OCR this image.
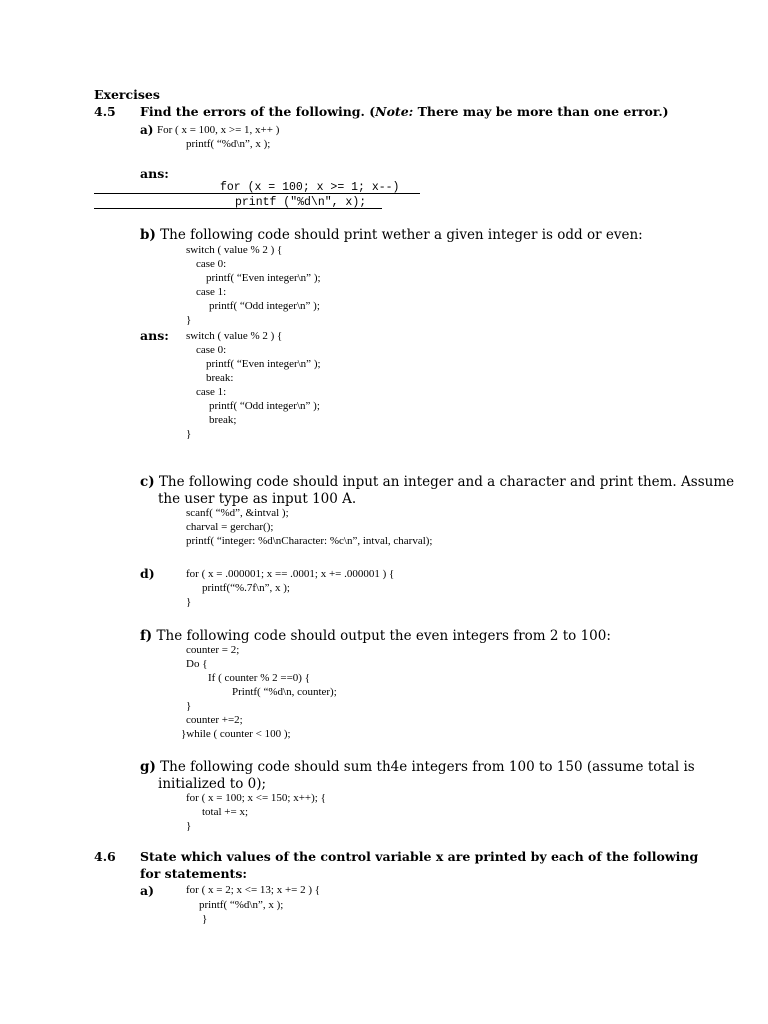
Exercises
4.5 Find the errors of the following. (Note: There may be more than one error.)
a) For ( x = 100, x >= 1, x++ )
printf( “%d\n”, x );
ans:
for (x = 100; x >= 1; x--)
printf ("%d\n", x);
b) The following code should print wether a given integer is odd or even:
switch ( value % 2 ) {
case 0:
printf( “Even integer\n” );
case 1:
printf( “Odd integer\n” );
}
ans: switch ( value % 2 ) {
case 0:
printf( “Even integer\n” );
break:
case 1:
printf( “Odd integer\n” );
break;
}
c) The following code should input an integer and a character and print them. Assume
the user type as input 100 A.
scanf( “%d”, &intval );
charval = gerchar();
printf( “integer: %d\nCharacter: %c\n”, intval, charval);
d)	for ( x = .000001; x == .0001; x += .000001 ) {
printf(“%.7f\n”, x );
}
f) The following code should output the even integers from 2 to 100:
counter = 2;
Do {
If ( counter % 2 ==0) {
Printf( “%d\n, counter);
}
counter +=2;
}while ( counter < 100 );
g) The following code should sum th4e integers from 100 to 150 (assume total is
initialized to 0);
for ( x = 100; x <= 150; x++); {
total += x;
}
4.6 State which values of the control variable x are printed by each of the following
for statements:
a)	for ( x = 2; x <= 13; x += 2 ) {
printf( “%d\n”, x );
}
